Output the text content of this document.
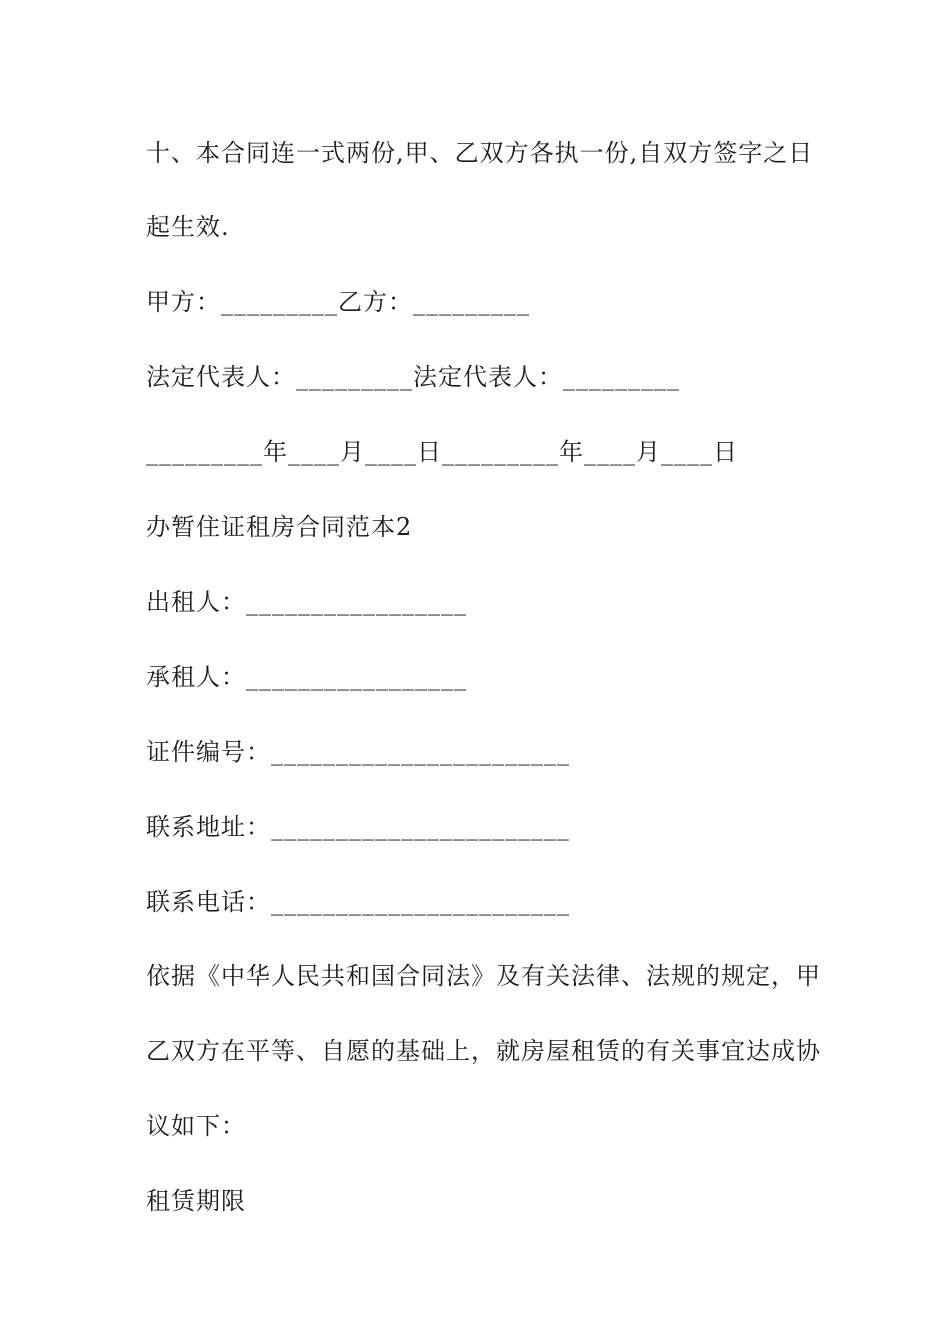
十、本合同连一式两份,甲、乙双方各执一份,自双方签字之日
起生效.
甲方：_________乙方：_________
法定代表人：_________法定代表人：_________
_________年____月____日_________年____月____日
办暂住证租房合同范本2
出租人：_________________
承租人：_________________
证件编号：_______________________
联系地址：_______________________
联系电话：_______________________
依据《中华人民共和国合同法》及有关法律、法规的规定，甲
乙双方在平等、自愿的基础上，就房屋租赁的有关事宜达成协
议如下：
租赁期限
